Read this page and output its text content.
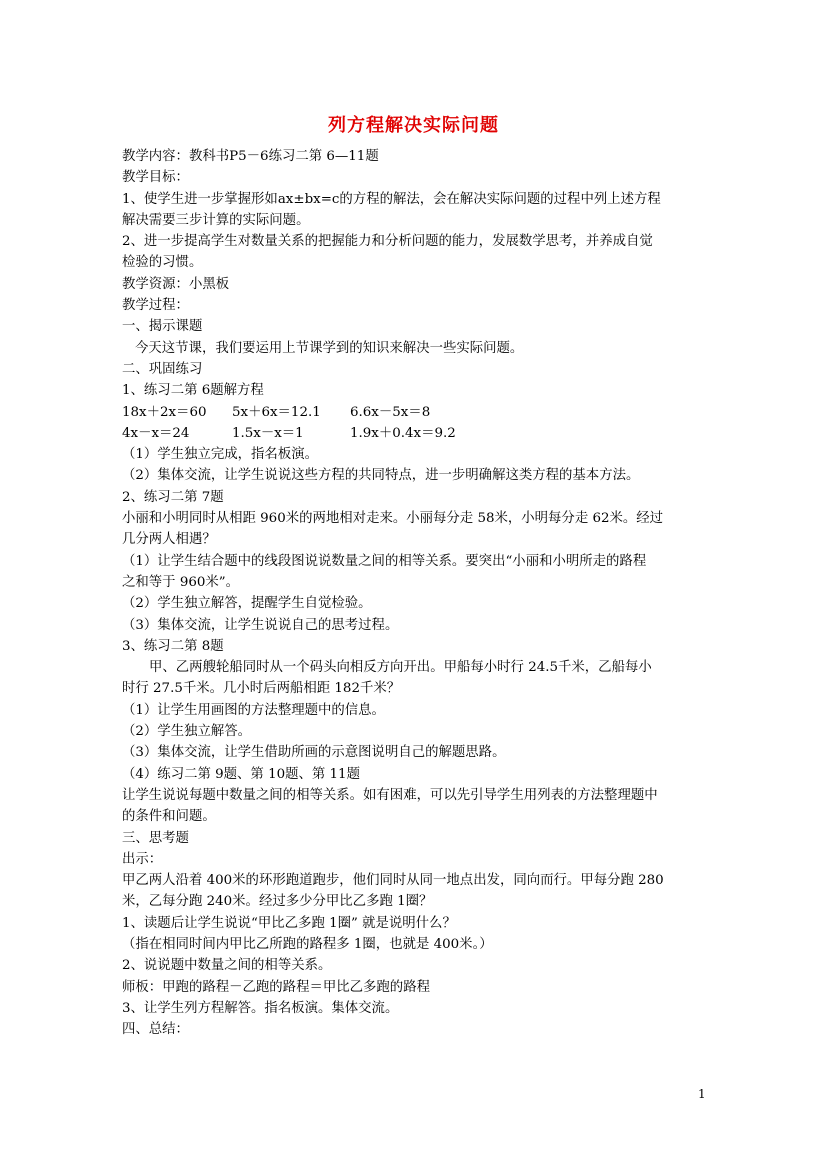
列方程解决实际问题
教学内容：教科书P5－6练习二第 6—11题
教学目标：
1、使学生进一步掌握形如ax±bx=c的方程的解法，会在解决实际问题的过程中列上述方程
解决需要三步计算的实际问题。
2、进一步提高学生对数量关系的把握能力和分析问题的能力，发展数学思考，并养成自觉
检验的习惯。
教学资源：小黑板
教学过程：
一、揭示课题
今天这节课，我们要运用上节课学到的知识来解决一些实际问题。
二、巩固练习
1、练习二第 6题解方程
18x＋2x＝60 5x＋6x＝12.1 6.6x－5x＝8
4x－x＝24	1.5x－x＝1	1.9x＋0.4x＝9.2
（1）学生独立完成，指名板演。
（2）集体交流，让学生说说这些方程的共同特点，进一步明确解这类方程的基本方法。
2、练习二第 7题
小丽和小明同时从相距 960米的两地相对走来。小丽每分走 58米，小明每分走 62米。经过
几分两人相遇？
（1）让学生结合题中的线段图说说数量之间的相等关系。要突出“小丽和小明所走的路程
之和等于 960米”。
（2）学生独立解答，提醒学生自觉检验。
（3）集体交流，让学生说说自己的思考过程。
3、练习二第 8题
甲、乙两艘轮船同时从一个码头向相反方向开出。甲船每小时行 24.5千米，乙船每小
时行 27.5千米。几小时后两船相距 182千米？
（1）让学生用画图的方法整理题中的信息。
（2）学生独立解答。
（3）集体交流，让学生借助所画的示意图说明自己的解题思路。
（4）练习二第 9题、第 10题、第 11题
让学生说说每题中数量之间的相等关系。如有困难，可以先引导学生用列表的方法整理题中
的条件和问题。
三、思考题
出示：
甲乙两人沿着 400米的环形跑道跑步，他们同时从同一地点出发，同向而行。甲每分跑 280
米，乙每分跑 240米。经过多少分甲比乙多跑 1圈？
1、读题后让学生说说“甲比乙多跑 1圈” 就是说明什么？
（指在相同时间内甲比乙所跑的路程多 1圈，也就是 400米。）
2、说说题中数量之间的相等关系。
师板：甲跑的路程－乙跑的路程＝甲比乙多跑的路程
3、让学生列方程解答。指名板演。集体交流。
四、总结：
1
